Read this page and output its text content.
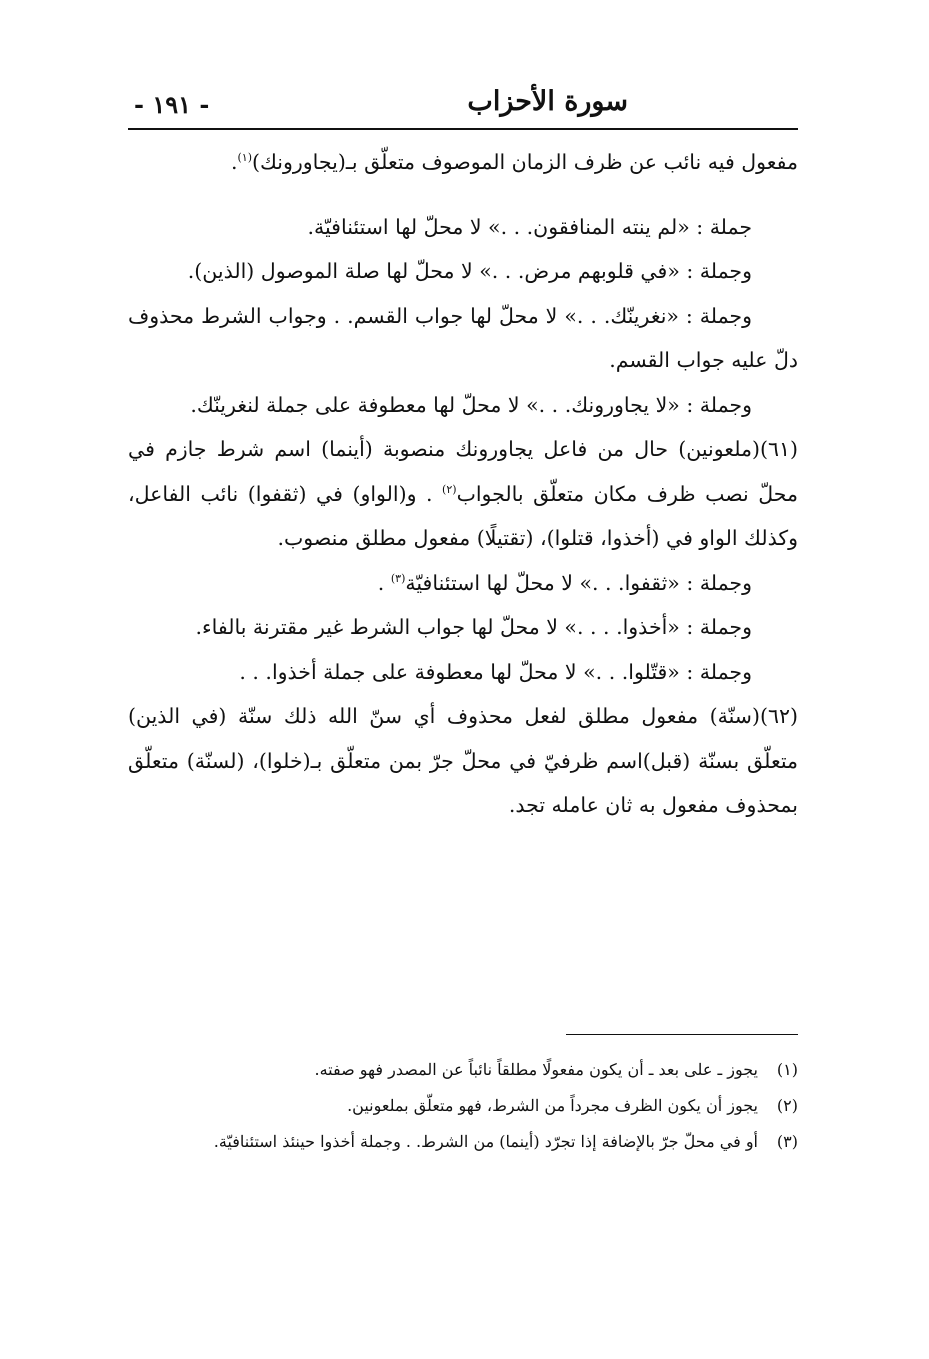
سورة الأحزاب
- ١٩١ -

مفعول فيه نائب عن ظرف الزمان الموصوف متعلّق بـ(يجاورونك)$^{(١)}$.

جملة : «لم ينته المنافقون. . .» لا محلّ لها استئنافيّة.

وجملة : «في قلوبهم مرض. . .» لا محلّ لها صلة الموصول (الذين).

وجملة : «نغرينّك. . .» لا محلّ لها جواب القسم. . وجواب الشرط محذوف دلّ عليه جواب القسم.

وجملة : «لا يجاورونك. . .» لا محلّ لها معطوفة على جملة لنغرينّك.

(٦١)(ملعونين) حال من فاعل يجاورونك منصوبة (أينما) اسم شرط جازم في محلّ نصب ظرف مكان متعلّق بالجواب$^{(٢)}$ . و(الواو) في (ثقفوا) نائب الفاعل، وكذلك الواو في (أخذوا، قتلوا)، (تقتيلًا) مفعول مطلق منصوب.

وجملة : «ثقفوا. . .» لا محلّ لها استئنافيّة$^{(٣)}$ .

وجملة : «أخذوا. . . .» لا محلّ لها جواب الشرط غير مقترنة بالفاء.

وجملة : «قتّلوا. . .» لا محلّ لها معطوفة على جملة أخذوا. . .

(٦٢)(سنّة) مفعول مطلق لفعل محذوف أي سنّ الله ذلك سنّة (في الذين) متعلّق بسنّة (قبل)اسم ظرفيّ في محلّ جرّ بمن متعلّق بـ(خلوا)، (لسنّة) متعلّق بمحذوف مفعول به ثان عامله تجد.

(١)
يجوز ـ على بعد ـ أن يكون مفعولًا مطلقاً نائباً عن المصدر فهو صفته.

(٢)
يجوز أن يكون الظرف مجرداً من الشرط، فهو متعلّق بملعونين.

(٣)
أو في محلّ جرّ بالإضافة إذا تجرّد (أينما) من الشرط. . وجملة أخذوا حينئذ استئنافيّة.
